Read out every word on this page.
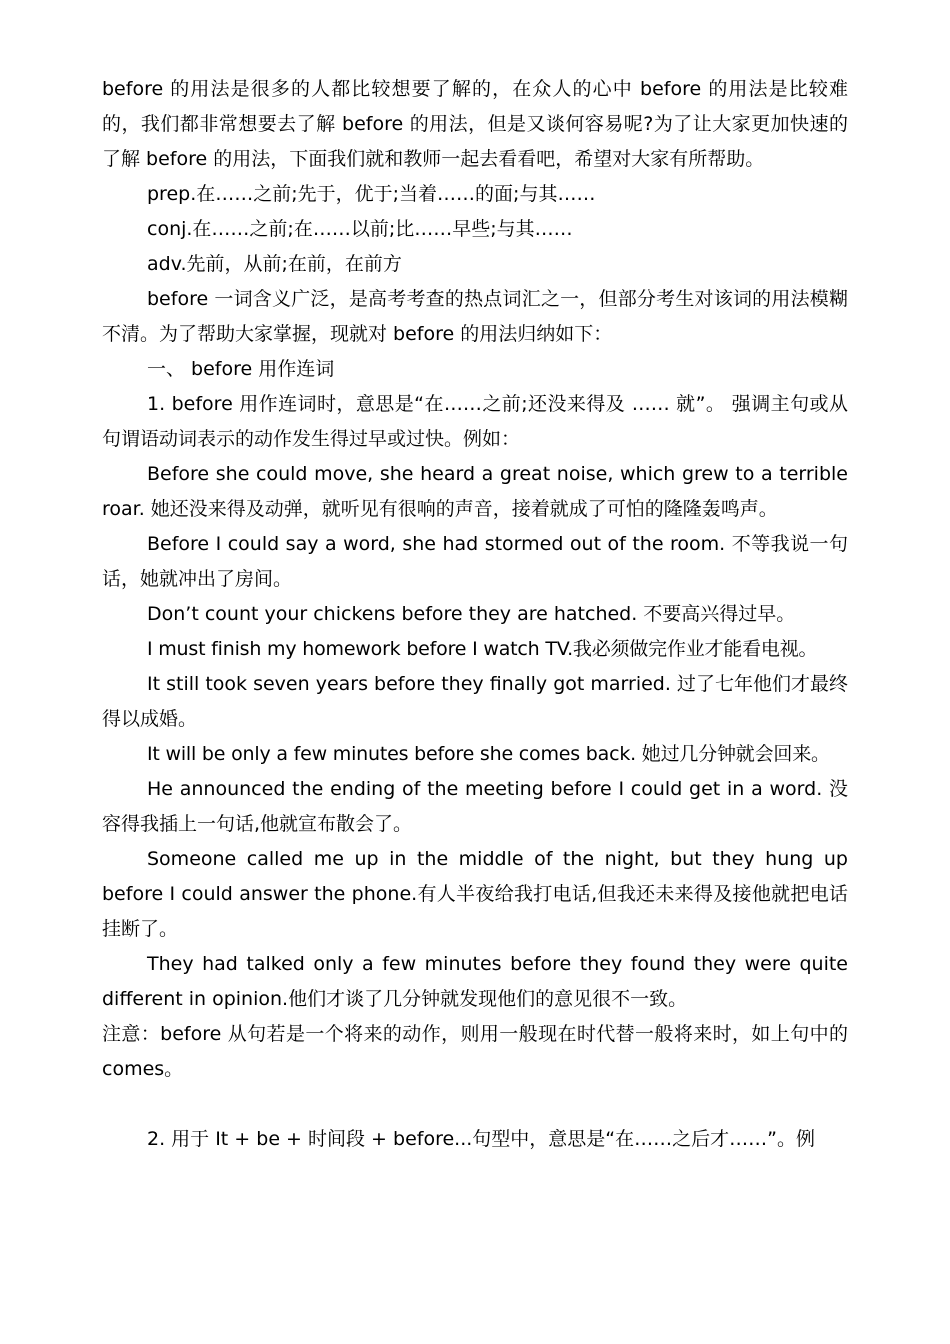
before 的用法是很多的人都比较想要了解的，在众人的心中 before 的用法是比较难的，我们都非常想要去了解 before 的用法，但是又谈何容易呢?为了让大家更加快速的了解 before 的用法，下面我们就和教师一起去看看吧，希望对大家有所帮助。

prep.在……之前;先于，优于;当着……的面;与其……

conj.在……之前;在……以前;比……早些;与其……

adv.先前，从前;在前，在前方

before 一词含义广泛，是高考考查的热点词汇之一，但部分考生对该词的用法模糊不清。为了帮助大家掌握，现就对 before 的用法归纳如下：

一、 before 用作连词

1. before 用作连词时，意思是“在……之前;还没来得及 …… 就”。 强调主句或从句谓语动词表示的动作发生得过早或过快。例如：

Before she could move, she heard a great noise, which grew to a terrible roar. 她还没来得及动弹，就听见有很响的声音，接着就成了可怕的隆隆轰鸣声。

Before I could say a word, she had stormed out of the room. 不等我说一句话，她就冲出了房间。

Don’t count your chickens before they are hatched. 不要高兴得过早。

I must finish my homework before I watch TV.我必须做完作业才能看电视。

It still took seven years before they finally got married. 过了七年他们才最终得以成婚。

It will be only a few minutes before she comes back. 她过几分钟就会回来。

He announced the ending of the meeting before I could get in a word. 没容得我插上一句话,他就宣布散会了。

Someone called me up in the middle of the night, but they hung up before I could answer the phone.有人半夜给我打电话,但我还未来得及接他就把电话挂断了。

They had talked only a few minutes before they found they were quite different in opinion.他们才谈了几分钟就发现他们的意见很不一致。

注意：before 从句若是一个将来的动作，则用一般现在时代替一般将来时，如上句中的 comes。

2. 用于 It + be + 时间段 + before...句型中，意思是“在……之后才……”。例
